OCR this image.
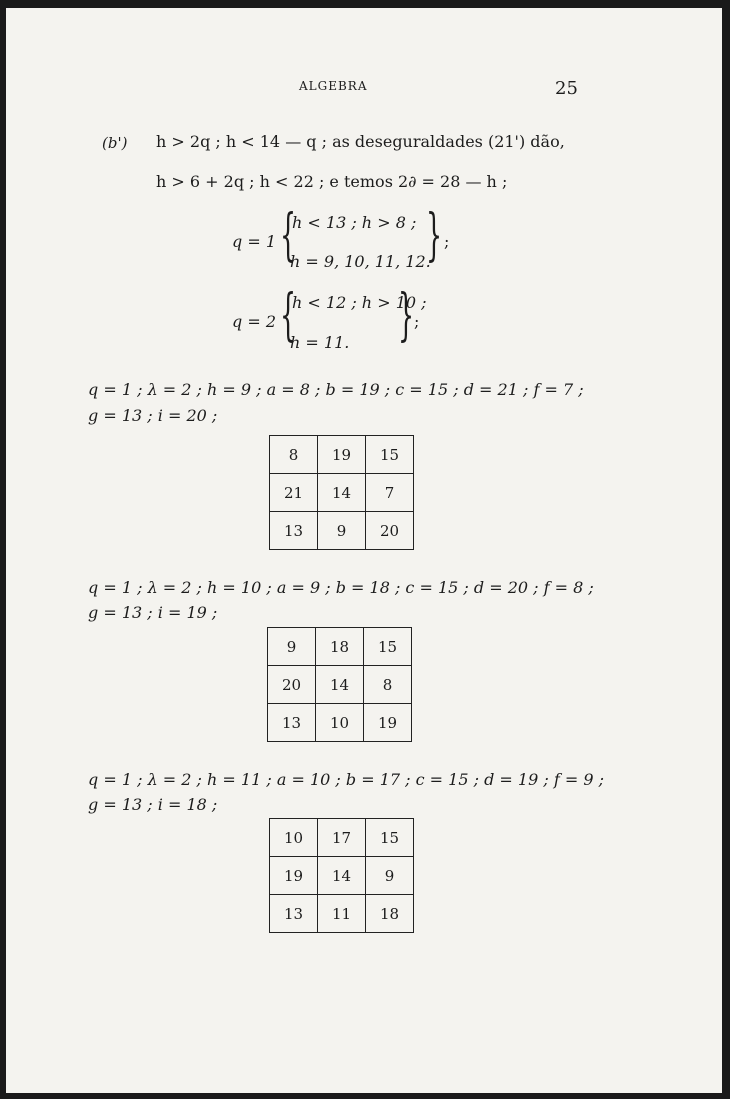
ALGEBRA	25
(b') h > 2q ; h < 14 — q ; as deseguraldades (21') dão,
h > 6 + 2q ; h < 22 ; e temos 2∂ = 28 — h ;
q = 1 {
h < 13 ; h > 8 ;
h = 9, 10, 11, 12.
} ;
q = 2 {
h < 12 ; h > 10 ;
h = 11. } ;
q = 1 ; λ = 2 ; h = 9 ; a = 8 ; b = 19 ; c = 15 ; d = 21 ; f = 7 ;
g = 13 ; i = 20 ;
8	19	15
21	14	7
13	9	20
q = 1 ; λ = 2 ; h = 10 ; a = 9 ; b = 18 ; c = 15 ; d = 20 ; f = 8 ;
g = 13 ; i = 19 ;
9	18	15
20	14	8
13	10	19
q = 1 ; λ = 2 ; h = 11 ; a = 10 ; b = 17 ; c = 15 ; d = 19 ; f = 9 ;
g = 13 ; i = 18 ;
10	17	15
19	14	9
13	11	18
